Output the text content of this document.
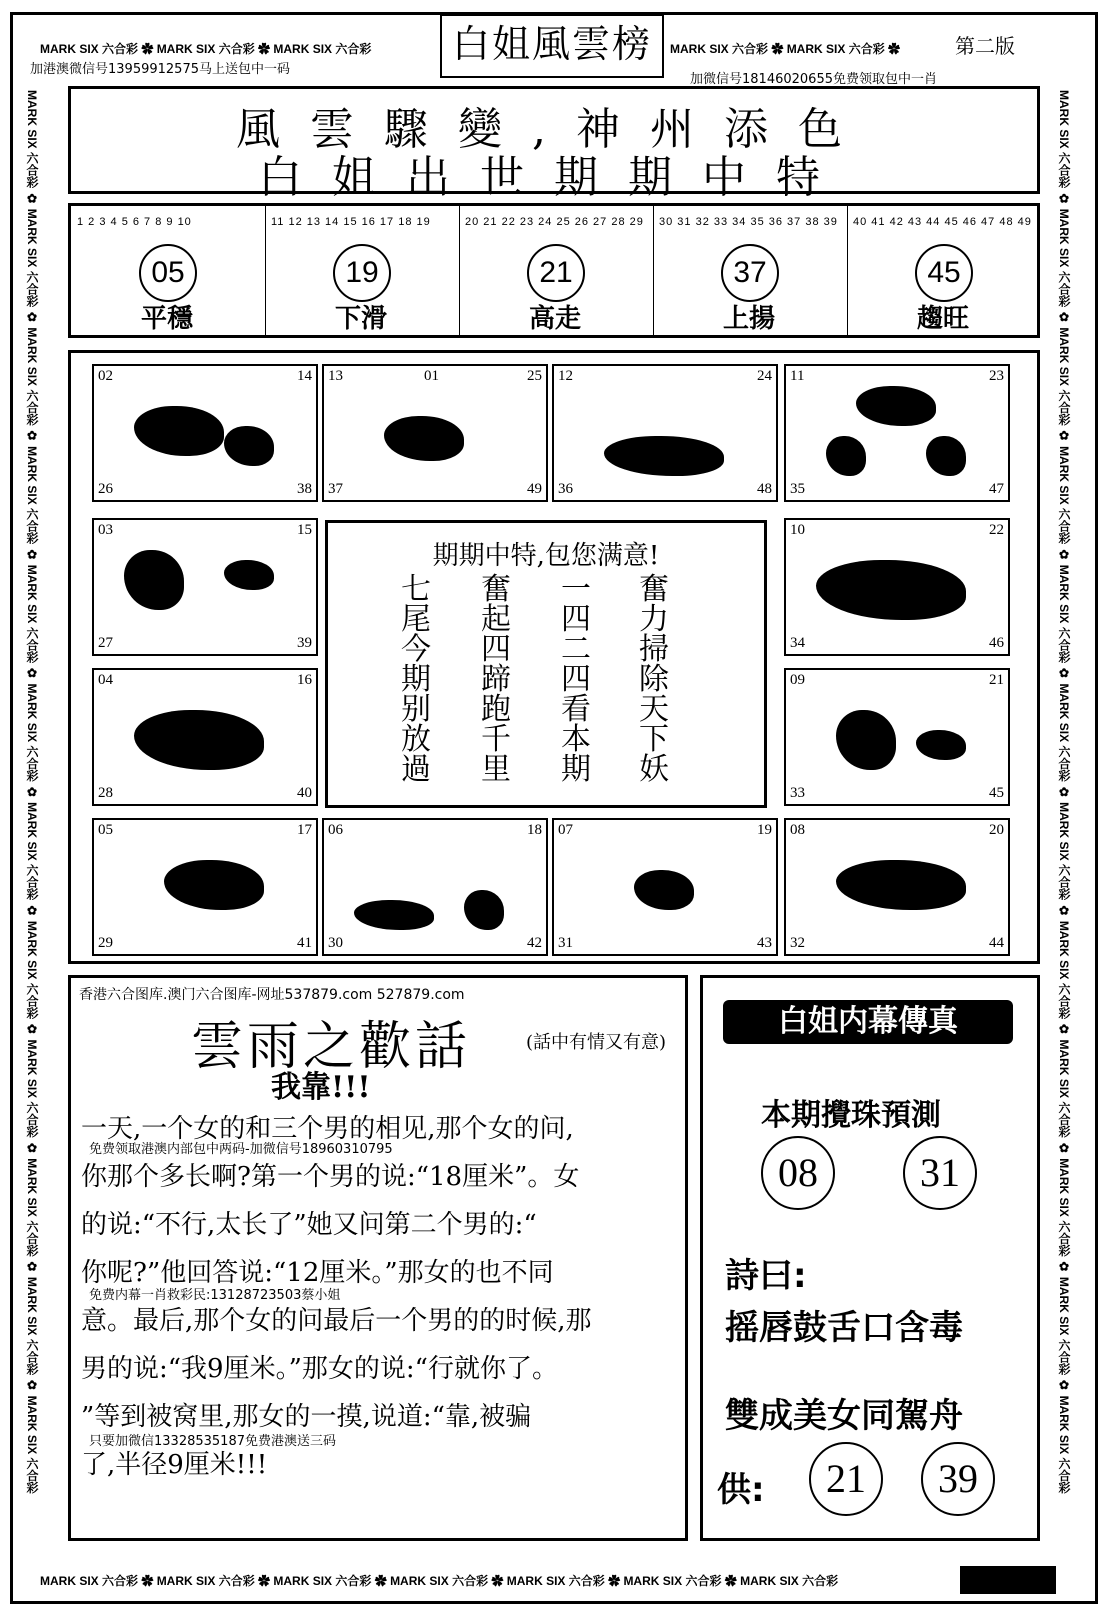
MARK SIX 六合彩 ✿ MARK SIX 六合彩 ✿ MARK SIX 六合彩	MARK SIX 六合彩 ✿ MARK SIX 六合彩 ✿
加港澳微信号13959912575马上送包中一码
加微信号18146020655免费领取包中一肖
白姐風雲榜	第二版
MARK SIX 六合彩 ✿ MARK SIX 六合彩 ✿ MARK SIX 六合彩 ✿ MARK SIX 六合彩 ✿ MARK SIX 六合彩 ✿ MARK SIX 六合彩 ✿ MARK SIX 六合彩 ✿ MARK SIX 六合彩 ✿ MARK SIX 六合彩 ✿ MARK SIX 六合彩 ✿ MARK SIX 六合彩 ✿ MARK SIX 六合彩
MARK SIX 六合彩 ✿ MARK SIX 六合彩 ✿ MARK SIX 六合彩 ✿ MARK SIX 六合彩 ✿ MARK SIX 六合彩 ✿ MARK SIX 六合彩 ✿ MARK SIX 六合彩 ✿ MARK SIX 六合彩 ✿ MARK SIX 六合彩 ✿ MARK SIX 六合彩 ✿ MARK SIX 六合彩 ✿ MARK SIX 六合彩
MARK SIX 六合彩 ✿ MARK SIX 六合彩 ✿ MARK SIX 六合彩 ✿ MARK SIX 六合彩 ✿ MARK SIX 六合彩 ✿ MARK SIX 六合彩 ✿ MARK SIX 六合彩
風雲驟變,神州添色
白姐出世期期中特
1 2 3 4 5 6 7 8 9 10
05
平穩
11 12 13 14 15 16 17 18 19
19
下滑
20 21 22 23 24 25 26 27 28 29
21
高走
30 31 32 33 34 35 36 37 38 39
37
上揚
40 41 42 43 44 45 46 47 48 49
45
趨旺
02	14
26	38
13	01	25
37	49
12	24
36	48
11	23
35	47
03	15
27	39
10	22
34	46
04	16
28	40
09	21
33	45
05	17
29	41
06	18
30	42
07	19
31	43
08	20
32	44
期期中特,包您满意!
七尾今期别放過
奮起四蹄跑千里
一四二四看本期
奮力掃除天下妖
香港六合图库.澳门六合图库-网址537879.com 527879.com
雲雨之歡話	(話中有情又有意)
我靠!!!
一天,一个女的和三个男的相见,那个女的问,
免费领取港澳内部包中两码-加微信号18960310795
你那个多长啊?第一个男的说:“18厘米”。女
的说:“不行,太长了”她又问第二个男的:“
你呢?”他回答说:“12厘米。”那女的也不同
免费内幕一肖救彩民:13128723503蔡小姐
意。最后,那个女的问最后一个男的的时候,那
男的说:“我9厘米。”那女的说:“行就你了。
”等到被窝里,那女的一摸,说道:“靠,被骗
只要加微信13328535187免费港澳送三码
了,半径9厘米!!!
白姐内幕傳真
本期攪珠預測
08	31
詩曰:
摇唇鼓舌口含毒
雙成美女同駕舟
供:	21	39
